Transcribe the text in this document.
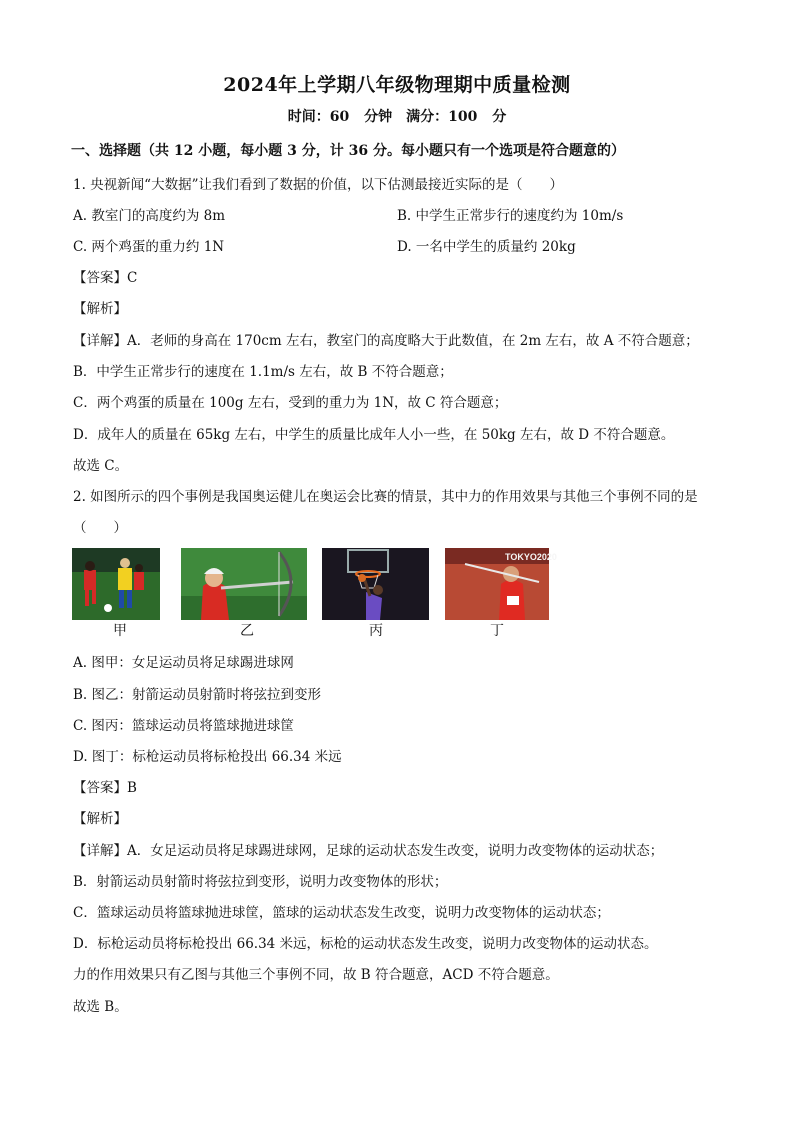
2024年上学期八年级物理期中质量检测
时间：60 分钟　满分：100 分
一、选择题（共 12 小题，每小题 3 分，计 36 分。每小题只有一个选项是符合题意的）
1. 央视新闻“大数据”让我们看到了数据的价值，以下估测最接近实际的是（　　）
A. 教室门的高度约为 8m	B. 中学生正常步行的速度约为 10m/s
C. 两个鸡蛋的重力约 1N	D. 一名中学生的质量约 20kg
【答案】C
【解析】
【详解】A．老师的身高在 170cm 左右，教室门的高度略大于此数值，在 2m 左右，故 A 不符合题意；
B．中学生正常步行的速度在 1.1m/s 左右，故 B 不符合题意；
C．两个鸡蛋的质量在 100g 左右，受到的重力为 1N，故 C 符合题意；
D．成年人的质量在 65kg 左右，中学生的质量比成年人小一些，在 50kg 左右，故 D 不符合题意。
故选 C。
2. 如图所示的四个事例是我国奥运健儿在奥运会比赛的情景，其中力的作用效果与其他三个事例不同的是
（　　）
甲	乙	丙
TOKYO2020
丁
A. 图甲：女足运动员将足球踢进球网
B. 图乙：射箭运动员射箭时将弦拉到变形
C. 图丙：篮球运动员将篮球抛进球筐
D. 图丁：标枪运动员将标枪投出 66.34 米远
【答案】B
【解析】
【详解】A．女足运动员将足球踢进球网，足球的运动状态发生改变，说明力改变物体的运动状态；
B．射箭运动员射箭时将弦拉到变形，说明力改变物体的形状；
C．篮球运动员将篮球抛进球筐，篮球的运动状态发生改变，说明力改变物体的运动状态；
D．标枪运动员将标枪投出 66.34 米远，标枪的运动状态发生改变，说明力改变物体的运动状态。
力的作用效果只有乙图与其他三个事例不同，故 B 符合题意，ACD 不符合题意。
故选 B。
